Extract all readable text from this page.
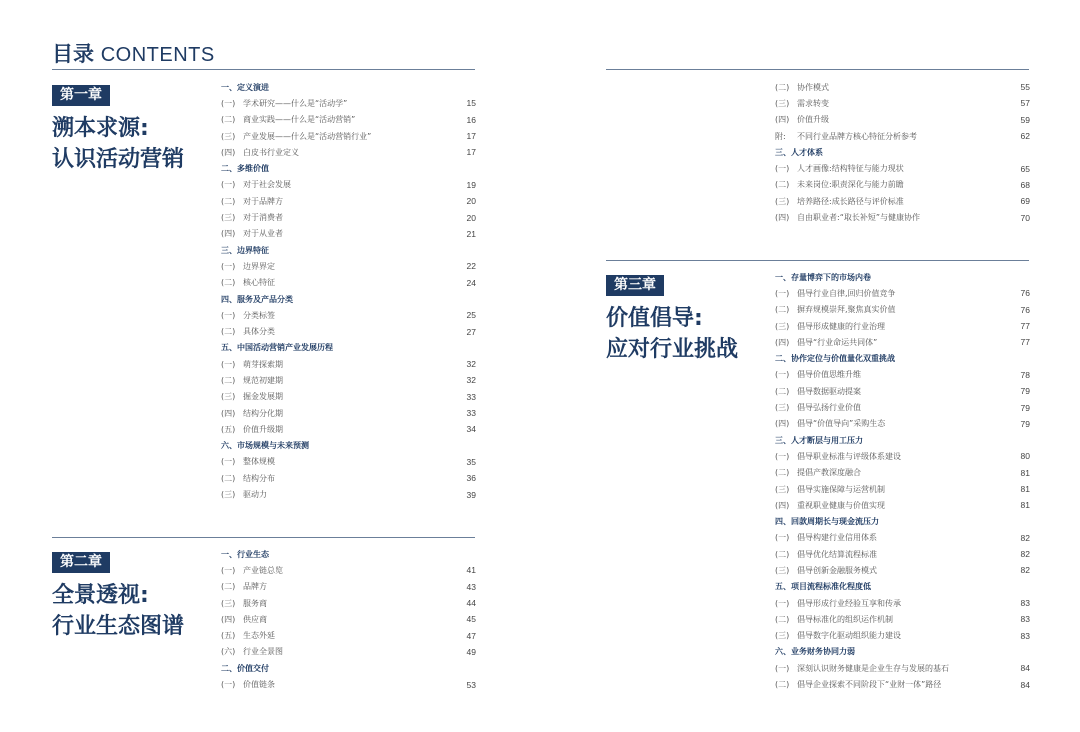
目录 CONTENTS
第一章
溯本求源:
认识活动营销
第二章
全景透视:
行业生态图谱
第三章
价值倡导:
应对行业挑战
一、定义演进
(一) 学术研究——什么是“活动学”	15
(二) 商业实践——什么是“活动营销”	16
(三) 产业发展——什么是“活动营销行业”	17
(四) 白皮书行业定义	17
二、多维价值
(一) 对于社会发展	19
(二) 对于品牌方	20
(三) 对于消费者	20
(四) 对于从业者	21
三、边界特征
(一) 边界界定	22
(二) 核心特征	24
四、服务及产品分类
(一) 分类标签	25
(二) 具体分类	27
五、中国活动营销产业发展历程
(一) 萌芽探索期	32
(二) 规范初建期	32
(三) 掘金发展期	33
(四) 结构分化期	33
(五) 价值升级期	34
六、市场规模与未来预测
(一) 整体规模	35
(二) 结构分布	36
(三) 驱动力	39
一、行业生态
(一) 产业链总览	41
(二) 品牌方	43
(三) 服务商	44
(四) 供应商	45
(五) 生态外延	47
(六) 行业全景图	49
二、价值交付
(一) 价值链条	53
(二) 协作模式	55
(三) 需求转变	57
(四) 价值升级	59
附:	不同行业品牌方核心特征分析参考	62
三、人才体系
(一) 人才画像:结构特征与能力现状	65
(二) 未来岗位:职责深化与能力前瞻	68
(三) 培养路径:成长路径与评价标准	69
(四) 自由职业者:“取长补短”与健康协作	70
一、存量博弈下的市场内卷
(一) 倡导行业自律,回归价值竞争	76
(二) 摒弃规模崇拜,聚焦真实价值	76
(三) 倡导形成健康的行业治理	77
(四) 倡导“行业命运共同体”	77
二、协作定位与价值量化双重挑战
(一) 倡导价值思维升维	78
(二) 倡导数据驱动提案	79
(三) 倡导弘扬行业价值	79
(四) 倡导“价值导向”采购生态	79
三、人才断层与用工压力
(一) 倡导职业标准与评级体系建设	80
(二) 提倡产教深度融合	81
(三) 倡导实施保障与运营机制	81
(四) 重视职业健康与价值实现	81
四、回款周期长与现金流压力
(一) 倡导构建行业信用体系	82
(二) 倡导优化结算流程标准	82
(三) 倡导创新金融服务模式	82
五、项目流程标准化程度低
(一) 倡导形成行业经验互享和传承	83
(二) 倡导标准化的组织运作机制	83
(三) 倡导数字化驱动组织能力建设	83
六、业务财务协同力弱
(一) 深刻认识财务健康是企业生存与发展的基石	84
(二) 倡导企业探索不同阶段下“业财一体”路径	84
